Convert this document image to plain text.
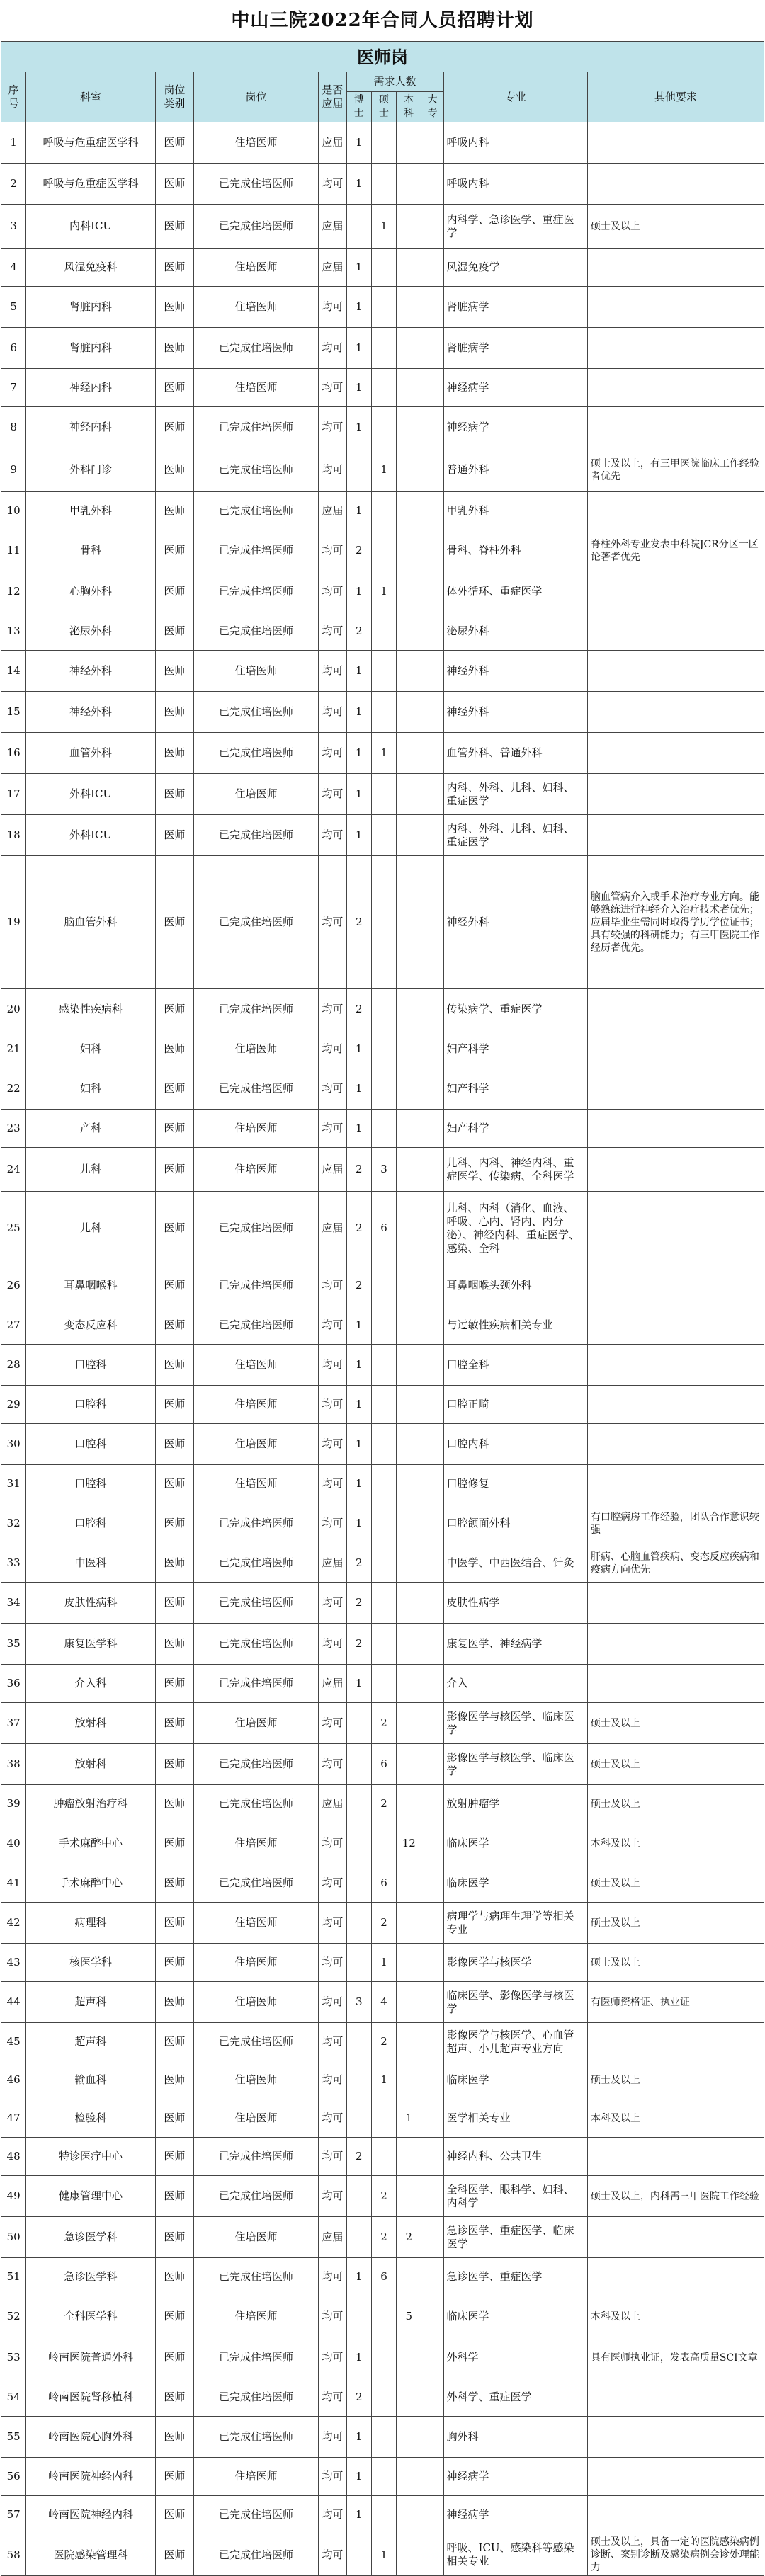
中山三院2022年合同人员招聘计划
医师岗										
序号	科室	岗位类别	岗位	是否应届	需求人数				专业	其他要求
					博士	硕士	本科	大专		
1	呼吸与危重症医学科	医师	住培医师	应届	1				呼吸内科	
2	呼吸与危重症医学科	医师	已完成住培医师	均可	1				呼吸内科	
3	内科ICU	医师	已完成住培医师	应届		1			内科学、急诊医学、重症医学	硕士及以上
4	风湿免疫科	医师	住培医师	应届	1				风湿免疫学	
5	肾脏内科	医师	住培医师	均可	1				肾脏病学	
6	肾脏内科	医师	已完成住培医师	均可	1				肾脏病学	
7	神经内科	医师	住培医师	均可	1				神经病学	
8	神经内科	医师	已完成住培医师	均可	1				神经病学	
9	外科门诊	医师	已完成住培医师	均可		1			普通外科	硕士及以上，有三甲医院临床工作经验者优先
10	甲乳外科	医师	已完成住培医师	应届	1				甲乳外科	
11	骨科	医师	已完成住培医师	均可	2				骨科、脊柱外科	脊柱外科专业发表中科院JCR分区一区论著者优先
12	心胸外科	医师	已完成住培医师	均可	1	1			体外循环、重症医学	
13	泌尿外科	医师	已完成住培医师	均可	2				泌尿外科	
14	神经外科	医师	住培医师	均可	1				神经外科	
15	神经外科	医师	已完成住培医师	均可	1				神经外科	
16	血管外科	医师	已完成住培医师	均可	1	1			血管外科、普通外科	
17	外科ICU	医师	住培医师	均可	1				内科、外科、儿科、妇科、重症医学	
18	外科ICU	医师	已完成住培医师	均可	1				内科、外科、儿科、妇科、重症医学	
19	脑血管外科	医师	已完成住培医师	均可	2				神经外科	脑血管病介入或手术治疗专业方向。能够熟练进行神经介入治疗技术者优先；应届毕业生需同时取得学历学位证书；具有较强的科研能力；有三甲医院工作经历者优先。
20	感染性疾病科	医师	已完成住培医师	均可	2				传染病学、重症医学	
21	妇科	医师	住培医师	均可	1				妇产科学	
22	妇科	医师	已完成住培医师	均可	1				妇产科学	
23	产科	医师	住培医师	均可	1				妇产科学	
24	儿科	医师	住培医师	应届	2	3			儿科、内科、神经内科、重症医学、传染病、全科医学	
25	儿科	医师	已完成住培医师	应届	2	6			儿科、内科（消化、血液、呼吸、心内、肾内、内分泌）、神经内科、重症医学、感染、全科	
26	耳鼻咽喉科	医师	已完成住培医师	均可	2				耳鼻咽喉头颈外科	
27	变态反应科	医师	已完成住培医师	均可	1				与过敏性疾病相关专业	
28	口腔科	医师	住培医师	均可	1				口腔全科	
29	口腔科	医师	住培医师	均可	1				口腔正畸	
30	口腔科	医师	住培医师	均可	1				口腔内科	
31	口腔科	医师	住培医师	均可	1				口腔修复	
32	口腔科	医师	已完成住培医师	均可	1				口腔颌面外科	有口腔病房工作经验，团队合作意识较强
33	中医科	医师	已完成住培医师	应届	2				中医学、中西医结合、针灸	肝病、心脑血管疾病、变态反应疾病和疫病方向优先
34	皮肤性病科	医师	已完成住培医师	均可	2				皮肤性病学	
35	康复医学科	医师	已完成住培医师	均可	2				康复医学、神经病学	
36	介入科	医师	已完成住培医师	应届	1				介入	
37	放射科	医师	住培医师	均可		2			影像医学与核医学、临床医学	硕士及以上
38	放射科	医师	已完成住培医师	均可		6			影像医学与核医学、临床医学	硕士及以上
39	肿瘤放射治疗科	医师	已完成住培医师	应届		2			放射肿瘤学	硕士及以上
40	手术麻醉中心	医师	住培医师	均可			12		临床医学	本科及以上
41	手术麻醉中心	医师	已完成住培医师	均可		6			临床医学	硕士及以上
42	病理科	医师	住培医师	均可		2			病理学与病理生理学等相关专业	硕士及以上
43	核医学科	医师	住培医师	均可		1			影像医学与核医学	硕士及以上
44	超声科	医师	住培医师	均可	3	4			临床医学、影像医学与核医学	有医师资格证、执业证
45	超声科	医师	已完成住培医师	均可		2			影像医学与核医学、心血管超声、小儿超声专业方向	
46	输血科	医师	住培医师	均可		1			临床医学	硕士及以上
47	检验科	医师	住培医师	均可			1		医学相关专业	本科及以上
48	特诊医疗中心	医师	已完成住培医师	均可	2				神经内科、公共卫生	
49	健康管理中心	医师	已完成住培医师	均可		2			全科医学、眼科学、妇科、内科学	硕士及以上，内科需三甲医院工作经验
50	急诊医学科	医师	住培医师	应届		2	2		急诊医学、重症医学、临床医学	
51	急诊医学科	医师	已完成住培医师	均可	1	6			急诊医学、重症医学	
52	全科医学科	医师	住培医师	均可			5		临床医学	本科及以上
53	岭南医院普通外科	医师	已完成住培医师	均可	1				外科学	具有医师执业证，发表高质量SCI文章
54	岭南医院肾移植科	医师	已完成住培医师	均可	2				外科学、重症医学	
55	岭南医院心胸外科	医师	已完成住培医师	均可	1				胸外科	
56	岭南医院神经内科	医师	住培医师	均可	1				神经病学	
57	岭南医院神经内科	医师	已完成住培医师	均可	1				神经病学	
58	医院感染管理科	医师	已完成住培医师	均可		1			呼吸、ICU、感染科等感染相关专业	硕士及以上，具备一定的医院感染病例诊断、案别诊断及感染病例会诊处理能力
